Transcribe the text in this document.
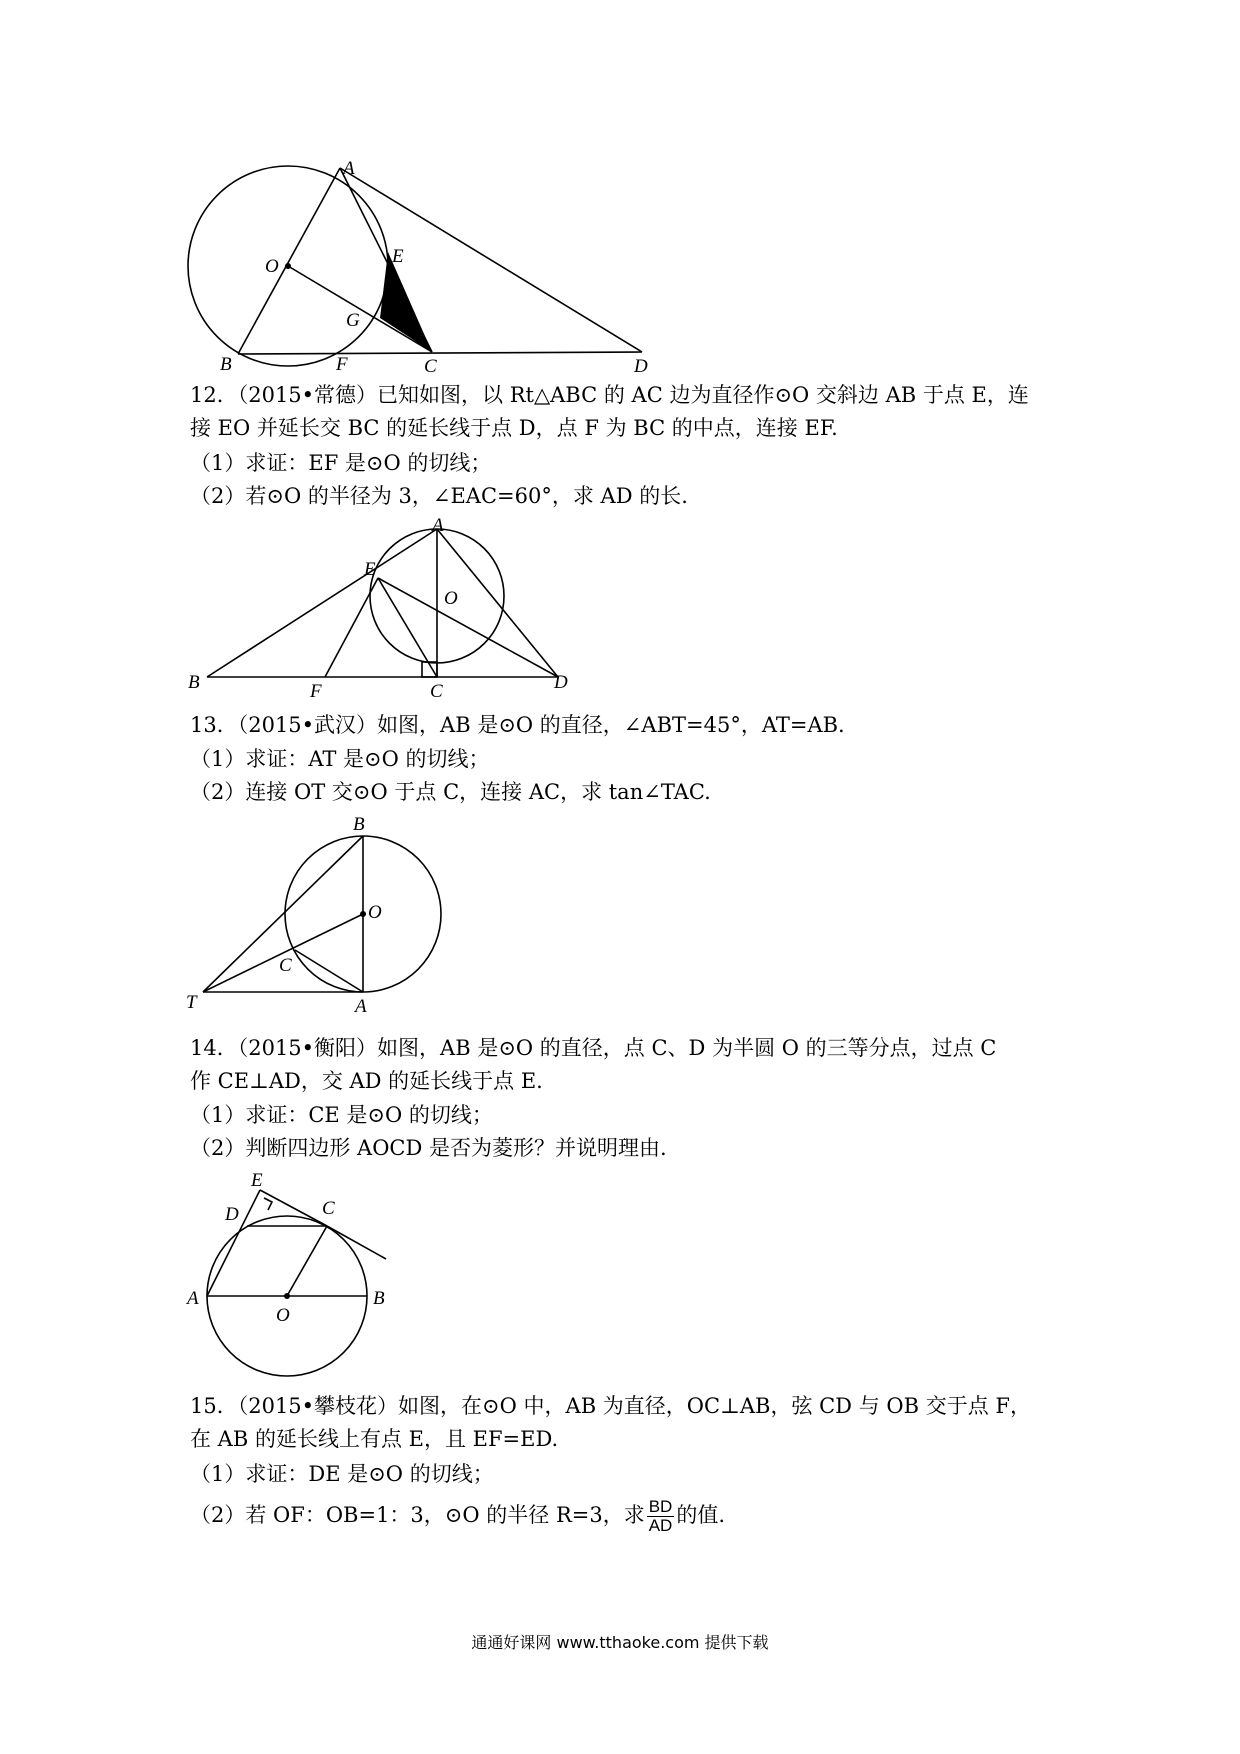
A
O	E
G
B	F	C	D
12．（2015•常德）已知如图，以 Rt△ABC 的 AC 边为直径作⊙O 交斜边 AB 于点 E，连
接 EO 并延长交 BC 的延长线于点 D，点 F 为 BC 的中点，连接 EF.
（1）求证：EF 是⊙O 的切线；
（2）若⊙O 的半径为 3，∠EAC=60°，求 AD 的长.
A
E
O
B	F	C	D
13．（2015•武汉）如图，AB 是⊙O 的直径，∠ABT=45°，AT=AB.
（1）求证：AT 是⊙O 的切线；
（2）连接 OT 交⊙O 于点 C，连接 AC，求 tan∠TAC.
B
O
C
T	A
14．（2015•衡阳）如图，AB 是⊙O 的直径，点 C、D 为半圆 O 的三等分点，过点 C
作 CE⊥AD，交 AD 的延长线于点 E.
（1）求证：CE 是⊙O 的切线；
（2）判断四边形 AOCD 是否为菱形？并说明理由.
E
D	C
A
O
B
15．（2015•攀枝花）如图，在⊙O 中，AB 为直径，OC⊥AB，弦 CD 与 OB 交于点 F，
在 AB 的延长线上有点 E，且 EF=ED.
（1）求证：DE 是⊙O 的切线；
（2）若 OF：OB=1：3，⊙O 的半径 R=3，求 $\frac{BD}{AD}$ 的值.
通通好课网 www.tthaoke.com 提供下载
